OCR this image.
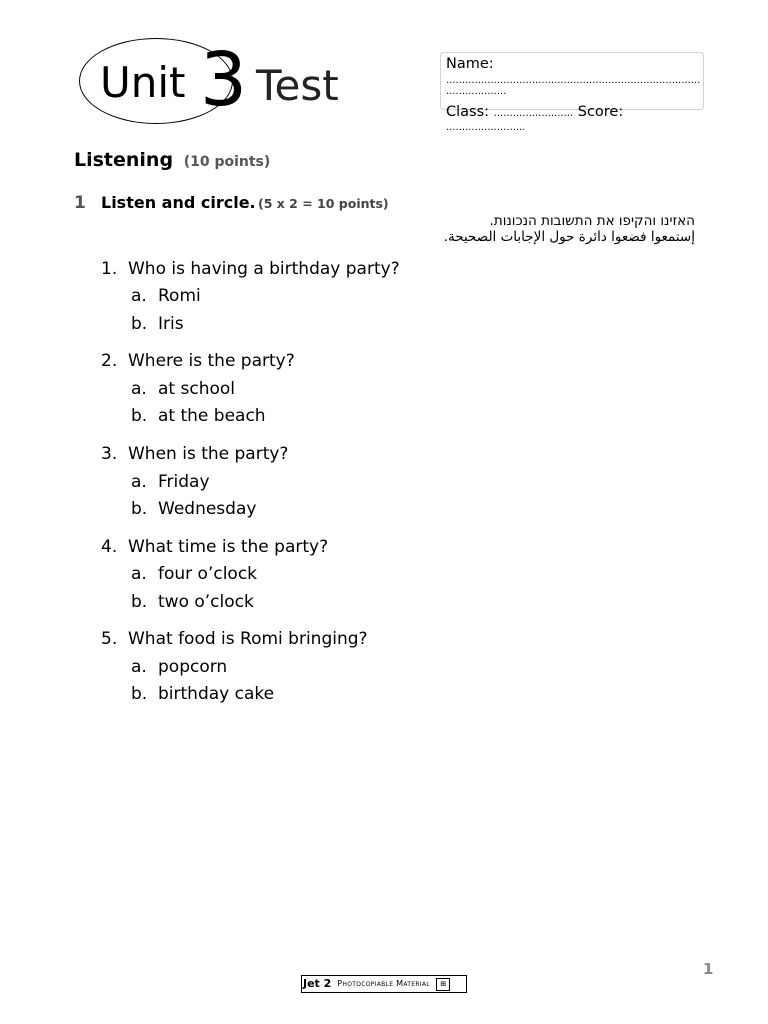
Unit 3 Test	Name:
................................................................................
...................
Class: ......................... Score:
.........................
Listening (10 points)
1 Listen and circle. (5 x 2 = 10 points)
האזינו והקיפו את התשובות הנכונות.
إستمعوا فضعوا دائرة حول الإجابات الصحيحة.
1. Who is having a birthday party?
a. Romi
b. Iris
2. Where is the party?
a. at school
b. at the beach
3. When is the party?
a. Friday
b. Wednesday
4. What time is the party?
a. four o’clock
b. two o’clock
5. What food is Romi bringing?
a. popcorn
b. birthday cake
1
Jet 2 Photocopiable Material	⊞
